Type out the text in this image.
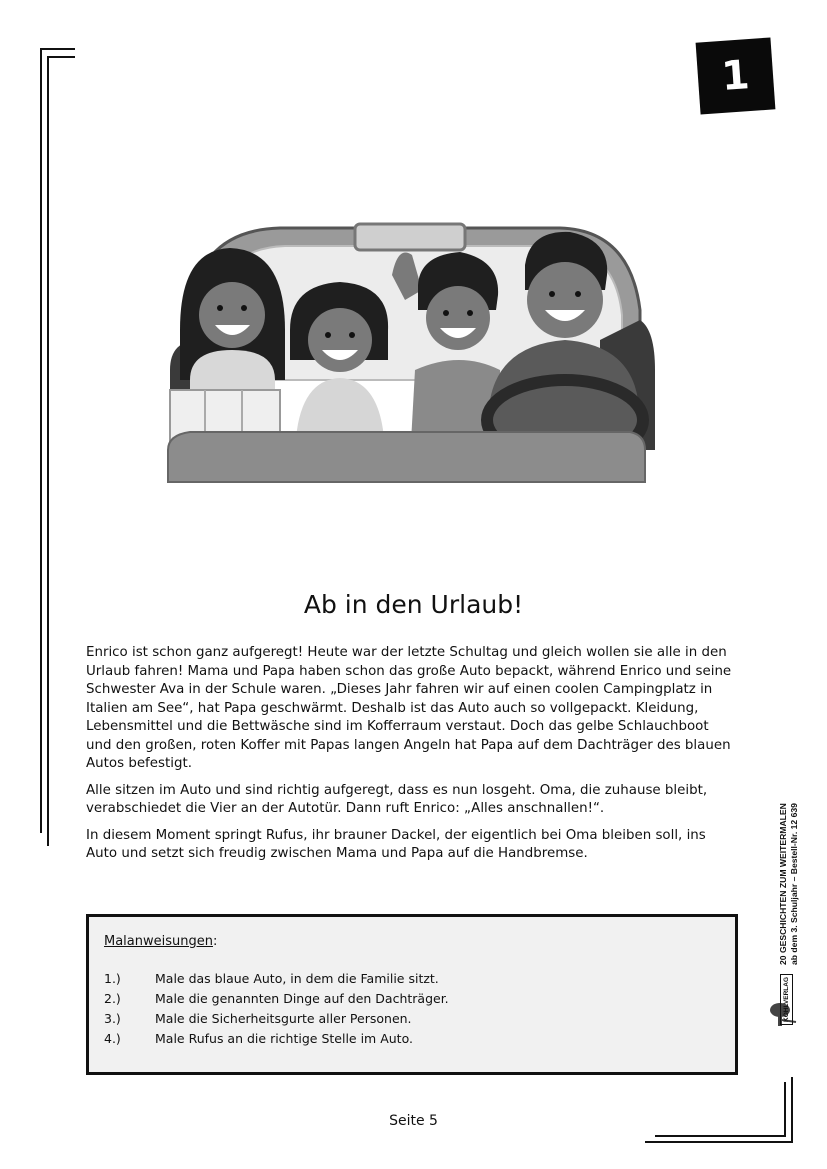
1
Ab in den Urlaub!

Enrico ist schon ganz aufgeregt! Heute war der letzte Schultag und gleich wollen sie alle in den Urlaub fahren! Mama und Papa haben schon das große Auto bepackt, während Enrico und seine Schwester Ava in der Schule waren. „Dieses Jahr fahren wir auf einen coolen Campingplatz in Italien am See“, hat Papa geschwärmt. Deshalb ist das Auto auch so vollgepackt. Kleidung, Lebensmittel und die Bettwäsche sind im Kofferraum verstaut. Doch das gelbe Schlauchboot und den großen, roten Koffer mit Papas langen Angeln hat Papa auf dem Dachträger des blauen Autos befestigt.

Alle sitzen im Auto und sind richtig aufgeregt, dass es nun losgeht. Oma, die zuhause bleibt, verabschiedet die Vier an der Autotür. Dann ruft Enrico: „Alles anschnallen!“.

In diesem Moment springt Rufus, ihr brauner Dackel, der eigentlich bei Oma bleiben soll, ins Auto und setzt sich freudig zwischen Mama und Papa auf die Handbremse.

Malanweisungen:
1.)	Male das blaue Auto, in dem die Familie sitzt.
2.)	Male die genannten Dinge auf den Dachträger.
3.)	Male die Sicherheitsgurte aller Personen.
4.)	Male Rufus an die richtige Stelle im Auto.
Seite 5
KOHLVERLAG
20 GESCHICHTEN ZUM WEITERMALEN ab dem 3. Schuljahr – Bestell-Nr. 12 639
